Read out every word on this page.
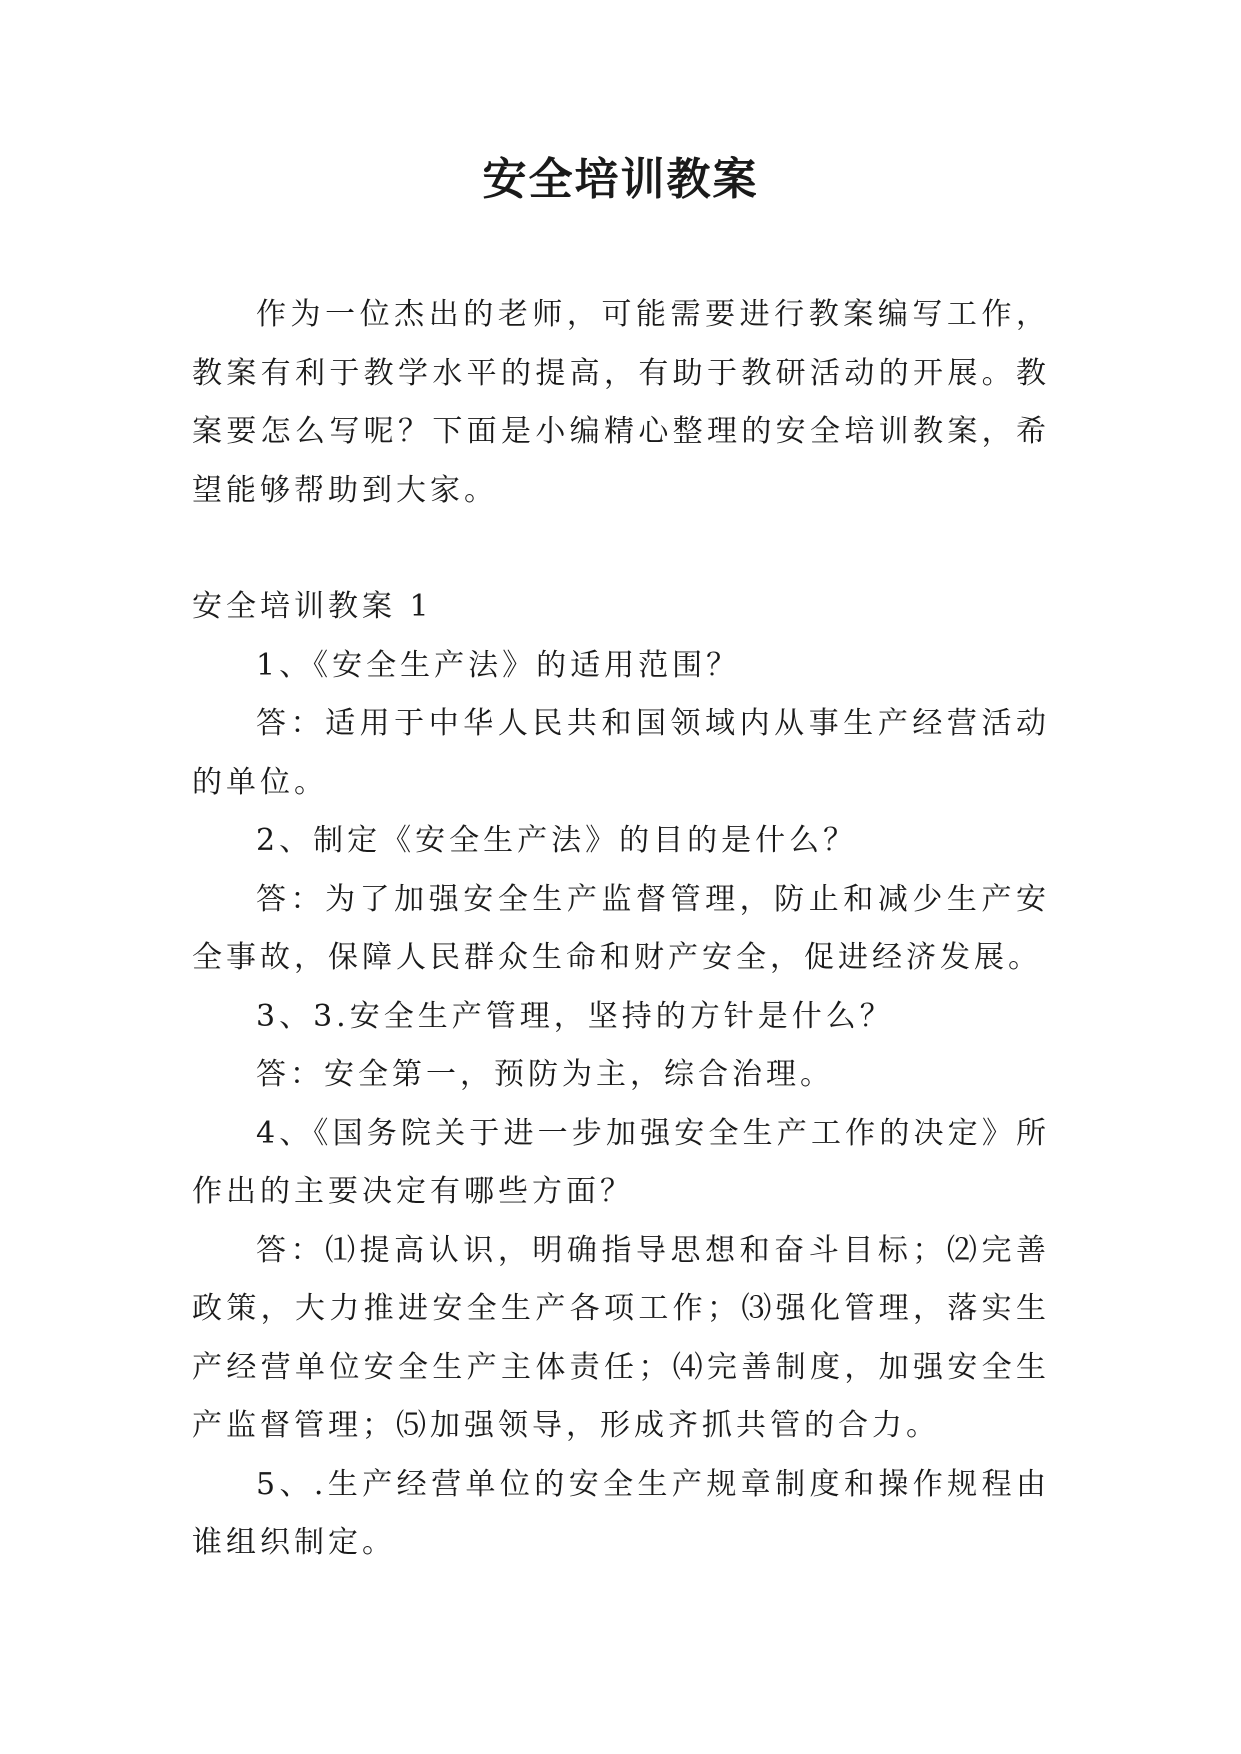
安全培训教案

作为一位杰出的老师，可能需要进行教案编写工作，教案有利于教学水平的提高，有助于教研活动的开展。教案要怎么写呢？下面是小编精心整理的安全培训教案，希望能够帮助到大家。

安全培训教案 1

1、《安全生产法》的适用范围？

答：适用于中华人民共和国领域内从事生产经营活动的单位。

2、制定《安全生产法》的目的是什么？

答：为了加强安全生产监督管理，防止和减少生产安全事故，保障人民群众生命和财产安全，促进经济发展。

3、3.安全生产管理，坚持的方针是什么？

答：安全第一，预防为主，综合治理。

4、《国务院关于进一步加强安全生产工作的决定》所作出的主要决定有哪些方面？

答：⑴提高认识，明确指导思想和奋斗目标；⑵完善政策，大力推进安全生产各项工作；⑶强化管理，落实生产经营单位安全生产主体责任；⑷完善制度，加强安全生产监督管理；⑸加强领导，形成齐抓共管的合力。

5、.生产经营单位的安全生产规章制度和操作规程由谁组织制定。
